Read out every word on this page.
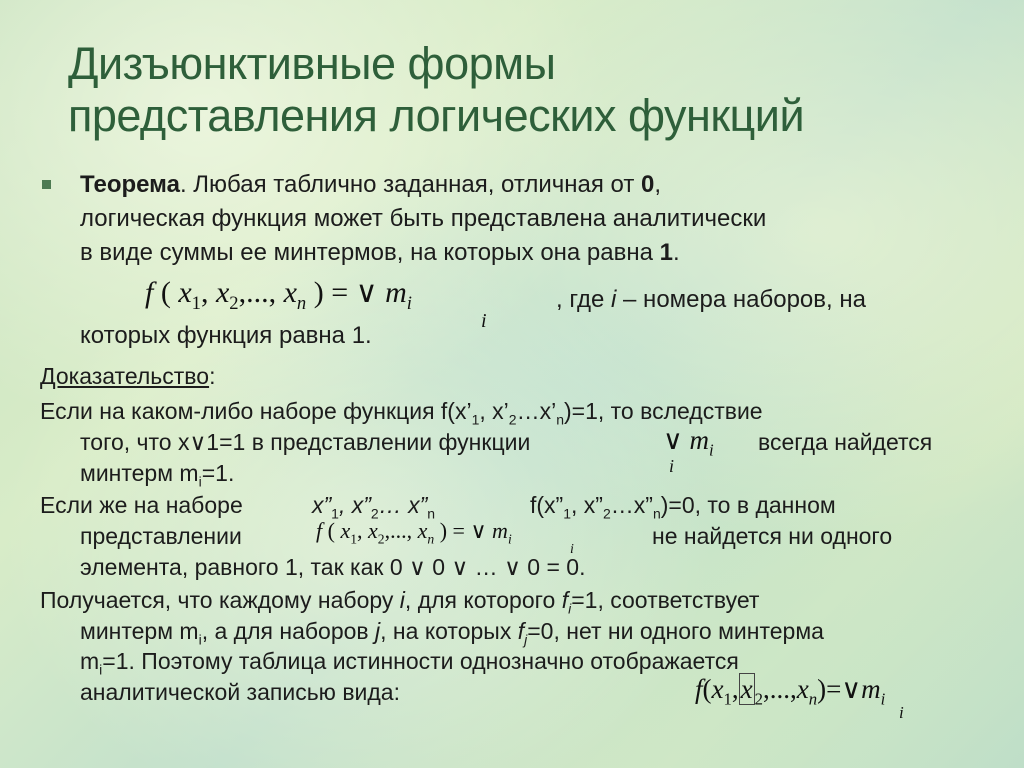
Дизъюнктивные формы
представления логических функций
Теорема. Любая таблично заданная, отличная от 0,
логическая функция может быть представлена аналитически
в виде суммы ее минтермов, на которых она равна 1.
f ( $x_1$, $x_2$,..., $x_n$ ) = ∨ $m_i$
i
, где i – номера наборов, на
которых функция равна 1.
Доказательство:
Если на каком-либо наборе функция $f(x’_1$, $x’_2\dots x’_n)=1$, то вследствие
того, что x∨1=1 в представлении функции	∨ $m_i$
i
всегда найдется
минтерм $m_i=1$.
Если же на наборе	$x”_1$, $x”_2\dots$ $x”_n$	$f(x”_1$, $x”_2\dots x”_n)=0$, то в данном
представлении	f ( $x_1$, $x_2$,..., $x_n$ ) = ∨ $m_i$
i
не найдется ни одного
элемента, равного 1, так как 0 ∨ 0 ∨ … ∨ 0 = 0.
Получается, что каждому набору i, для которого $f_i=1$, соответствует
минтерм $m_i$, а для наборов j, на которых $f_j=0$, нет ни одного минтерма
$m_i=1$. Поэтому таблица истинности однозначно отображается
аналитической записью вида:	$f(x_1,x$ $_2,...,x_n)=\vee m_i$
i
